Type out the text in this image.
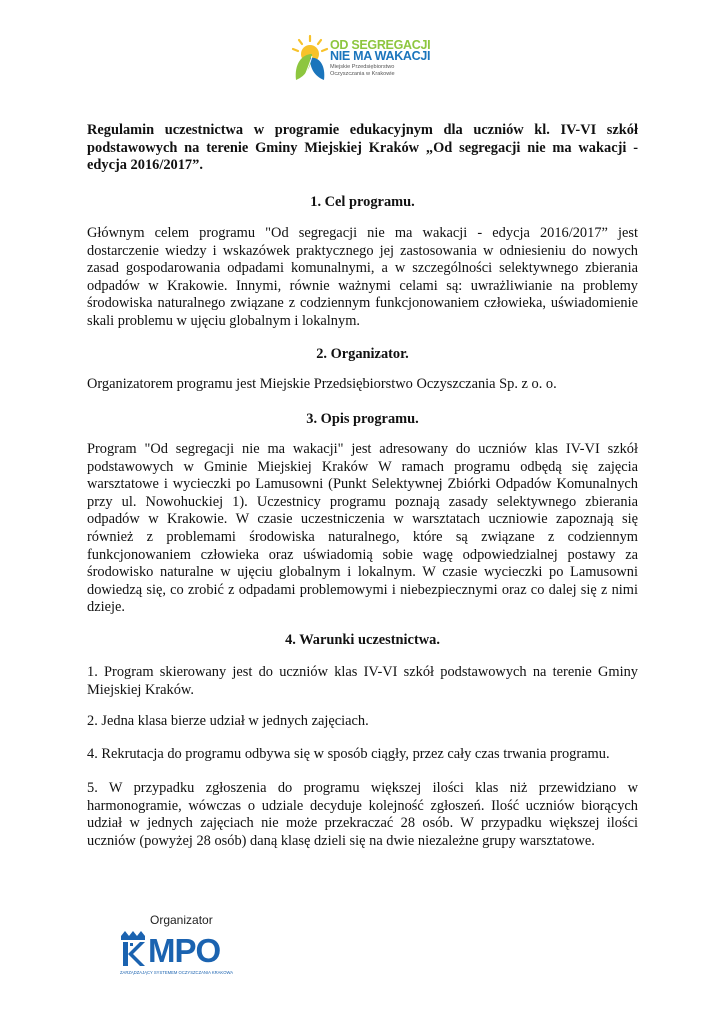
OD SEGREGACJI
NIE MA WAKACJI
Miejskie Przedsiębiorstwo
Oczyszczania w Krakowie
Regulamin uczestnictwa w programie edukacyjnym dla uczniów kl. IV-VI szkół podstawowych na terenie Gminy Miejskiej Kraków „Od segregacji nie ma wakacji - edycja 2016/2017”.
1. Cel programu.
Głównym celem programu "Od segregacji nie ma wakacji - edycja 2016/2017” jest dostarczenie wiedzy i wskazówek praktycznego jej zastosowania w odniesieniu do nowych zasad gospodarowania odpadami komunalnymi, a w szczególności selektywnego zbierania odpadów w Krakowie. Innymi, równie ważnymi celami są: uwrażliwianie na problemy środowiska naturalnego związane z codziennym funkcjonowaniem człowieka, uświadomienie skali problemu w ujęciu globalnym i lokalnym.
2. Organizator.
Organizatorem programu jest Miejskie Przedsiębiorstwo Oczyszczania Sp. z o. o.
3. Opis programu.
Program "Od segregacji nie ma wakacji" jest adresowany do uczniów klas IV-VI szkół podstawowych w Gminie Miejskiej Kraków W ramach programu odbędą się zajęcia warsztatowe i wycieczki po Lamusowni (Punkt Selektywnej Zbiórki Odpadów Komunalnych przy ul. Nowohuckiej 1). Uczestnicy programu poznają zasady selektywnego zbierania odpadów w Krakowie. W czasie uczestniczenia w warsztatach uczniowie zapoznają się również z problemami środowiska naturalnego, które są związane z codziennym funkcjonowaniem człowieka oraz uświadomią sobie wagę odpowiedzialnej postawy za środowisko naturalne w ujęciu globalnym i lokalnym. W czasie wycieczki po Lamusowni dowiedzą się, co zrobić z odpadami problemowymi i niebezpiecznymi oraz co dalej się z nimi dzieje.
4. Warunki uczestnictwa.
1. Program skierowany jest do uczniów klas IV-VI szkół podstawowych na terenie Gminy Miejskiej Kraków.
2. Jedna klasa bierze udział w jednych zajęciach.
4. Rekrutacja do programu odbywa się w sposób ciągły, przez cały czas trwania programu.
5. W przypadku zgłoszenia do programu większej ilości klas niż przewidziano w harmonogramie, wówczas o udziale decyduje kolejność zgłoszeń. Ilość uczniów biorących udział w jednych zajęciach nie może przekraczać 28 osób. W przypadku większej ilości uczniów (powyżej 28 osób) daną klasę dzieli się na dwie niezależne grupy warsztatowe.
Organizator
MPO
ZARZĄDZAJĄCY SYSTEMEM OCZYSZCZANIA KRAKOWA
